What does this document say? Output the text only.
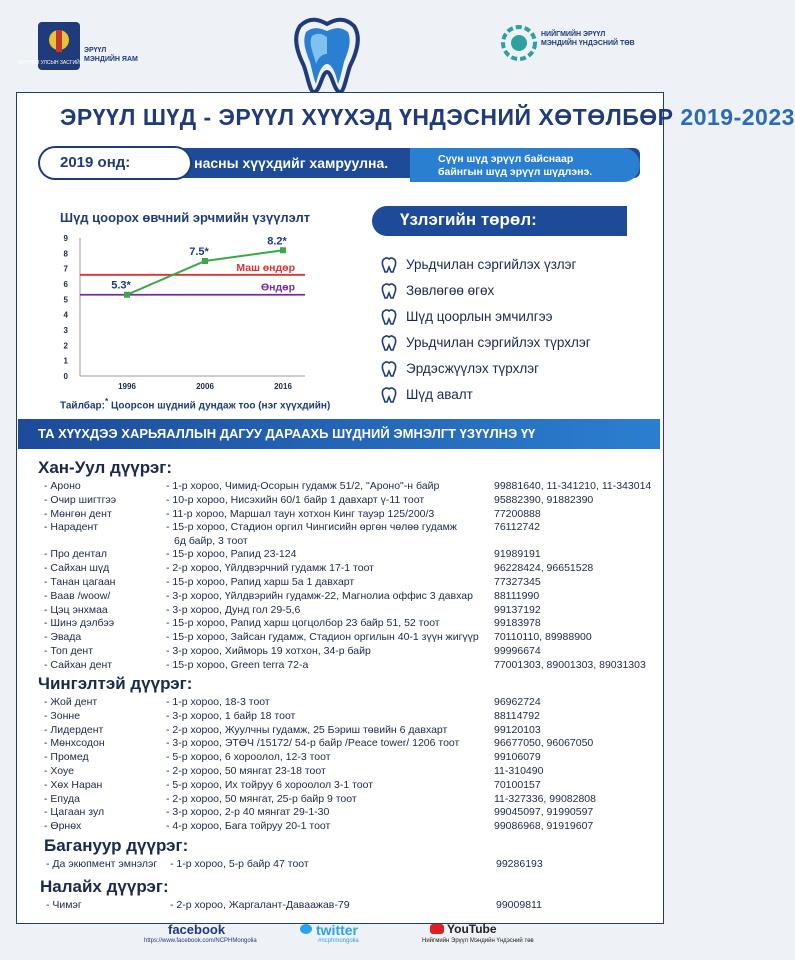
МОНГОЛ УЛСЫН ЗАСГИЙН ГАЗАР
ЭРҮҮЛ МЭНДИЙН ЯАМ
НИЙГМИЙН ЭРҮҮЛ МЭНДИЙН ҮНДЭСНИЙ ТӨВ
ЭРҮҮЛ ШҮД - ЭРҮҮЛ ХҮҮХЭД ҮНДЭСНИЙ ХӨТӨЛБӨР 2019-2023
2019 онд:	2-6 насны хүүхдийг хамруулна.	Сүүн шүд эрүүл байснаар
байнгын шүд эрүүл шүдлэнэ.
Шүд цоорох өвчний эрчмийн үзүүлэлт
0
1
2
3
4
5
6
7
8
9
1996	2006	2016
Маш өндөр
Өндөр
5.3*
7.5*
8.2*
Тайлбар:* Цоорсон шүдний дундаж тоо (нэг хүүхдийн)
Үзлэгийн төрөл:
Урьдчилан сэргийлэх үзлэг
Зөвлөгөө өгөх
Шүд цоорлын эмчилгээ
Урьдчилан сэргийлэх түрхлэг
Эрдэсжүүлэх түрхлэг
Шүд авалт
ТА ХҮҮХДЭЭ ХАРЬЯАЛЛЫН ДАГУУ ДАРААХЬ ШҮДНИЙ ЭМНЭЛГТ ҮЗҮҮЛНЭ ҮҮ
Хан-Уул дүүрэг:
- Ароно	- 1-р хороо, Чимид-Осорын гудамж 51/2, "Ароно"-н байр	99881640, 11-341210, 11-343014
- Очир шигтгээ	- 10-р хороо, Нисэхийн 60/1 байр 1 давхарт ү-11 тоот	95882390, 91882390
- Мөнгөн дент	- 11-р хороо, Маршал таун хотхон Кинг тауэр 125/200/3	77200888
- Нарадент	- 15-р хороо, Стадион оргил Чингисийн өргөн чөлөө гудамж	76112742
6д байр, 3 тоот
- Про дентал	- 15-р хороо, Рапид 23-124	91989191
- Сайхан шүд	- 2-р хороо, Үйлдвэрчний гудамж 17-1 тоот	96228424, 96651528
- Танан цагаан	- 15-р хороо, Рапид харш 5а 1 давхарт	77327345
- Ваав /woow/	- 3-р хороо, Үйлдвэрийн гудамж-22, Магнолиа оффис 3 давхар 88111990
- Цэц энхмаа	- 3-р хороо, Дунд гол 29-5,6	99137192
- Шинэ дэлбээ	- 15-р хороо, Рапид харш цогцолбор 23 байр 51, 52 тоот	99183978
- Эвада	- 15-р хороо, Зайсан гудамж, Стадион оргилын 40-1 зүүн жигүүр 70110110, 89988900
- Топ дент	- 3-р хороо, Хийморь 19 хотхон, 34-р байр	99996674
- Сайхан дент	- 15-р хороо, Green terra 72-а	77001303, 89001303, 89031303
Чингэлтэй дүүрэг:
- Жой дент	- 1-р хороо, 18-3 тоот	96962724
- Зонне	- 3-р хороо, 1 байр 18 тоот	88114792
- Лидердент	- 2-р хороо, Жуулчны гудамж, 25 Бэриш төвийн 6 давхарт	99120103
- Мөнхсодон	- 3-р хороо, ЭТӨЧ /15172/ 54-р байр /Peace tower/ 1206 тоот	96677050, 96067050
- Промед	- 5-р хороо, 6 хороолол, 12-3 тоот	99106079
- Хоуе	- 2-р хороо, 50 мянгат 23-18 тоот	11-310490
- Хөх Наран	- 5-р хороо, Их тойруу 6 хороолол 3-1 тоот	70100157
- Епуда	- 2-р хороо, 50 мянгат, 25-р байр 9 тоот	11-327336, 99082808
- Цагаан зул	- 3-р хороо, 2-р 40 мянгат 29-1-30	99045097, 91990597
- Өрнөх	- 4-р хороо, Бага тойруу 20-1 тоот	99086968, 91919607
Багануур дүүрэг:
- Да экюпмент эмнэлэг - 1-р хороо, 5-р байр 47 тоот	99286193
Налайх дүүрэг:
- Чимэг	- 2-р хороо, Жаргалант-Даваажав-79	99009811
facebook
https://www.facebook.com/NCPHMongolia
twitter
#ncphmongolia
YouTube
Нийгмийн Эрүүл Мэндийн Үндэсний төв
